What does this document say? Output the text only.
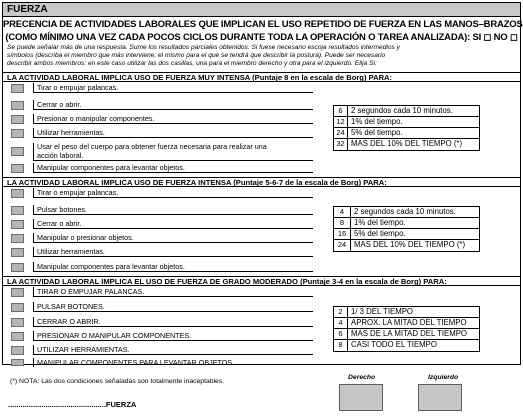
FUERZA
PRECENCIA DE ACTIVIDADES LABORALES QUE IMPLICAN EL USO REPETIDO DE FUERZA EN LAS MANOS–BRAZOS
(COMO MÍNIMO UNA VEZ CADA POCOS CICLOS DURANTE TODA LA OPERACIÓN O TAREA ANALIZADA): SI ◻ NO ◻
Se puede señalar más de una respuesta. Sume los resultados parciales obtenidos. Si fuese necesario escoja resultados intermedios y
símbolos (describa el miembro que más interviene, el mismo para el que se tendrá que describir la postura). Puede ser necesario
describir ambos miembros: en este caso utilizar las dos casillas, una para el miembro derecho y otra para el izquierdo. Elija Si:
LA ACTIVIDAD LABORAL IMPLICA USO DE FUERZA MUY INTENSA (Puntaje 8 en la escala de Borg) PARA:
Tirar o empujar palancas.
Cerrar o abrir.
Presionar o manipular componentes.
Utilizar herramientas.
Usar el peso del cuerpo para obtener fuerza necesaria para realizar una
acción laboral.
Manipular componentes para levantar objetos.
6	2 segundos cada 10 minutos.
12 1% del tiempo.
24 5% del tiempo.
32 MAS DEL 10% DEL TIEMPO (*)
LA ACTIVIDAD LABORAL IMPLICA USO DE FUERZA INTENSA (Puntaje 5-6-7 de la escala de Borg) PARA:
Tirar o empujar palancas.
Pulsar botones.
Cerrar o abrir.
Manipular o presionar objetos.
Utilizar herramientas.
Manipular componentes para levantar objetos.
4	2 segundos cada 10 minutos.
8	1% del tiempo.
16	5% del tiempo.
24	MAS DEL 10% DEL TIEMPO (*)
LA ACTIVIDAD LABORAL IMPLICA EL USO DE FUERZA DE GRADO MODERADO (Puntaje 3-4 en la escala de Borg) PARA:
TIRAR O EMPUJAR PALANCAS.
PULSAR BOTONES.
CERRAR O ABRIR.
PRESIONAR O MANIPULAR COMPONENTES.
UTILIZAR HERRAMIENTAS.
MANIPULAR COMPONENTES PARA LEVANTAR OBJETOS.
2	1/ 3 DEL TIEMPO
4	APROX. LA MITAD DEL TIEMPO
6	MAS DE LA MITAD DEL TIEMPO
8	CASI TODO EL TIEMPO
(*) NOTA: Las dos condiciones señaladas son totalmente inaceptables.
...............................................FUERZA
Derecho	Izquierdo
